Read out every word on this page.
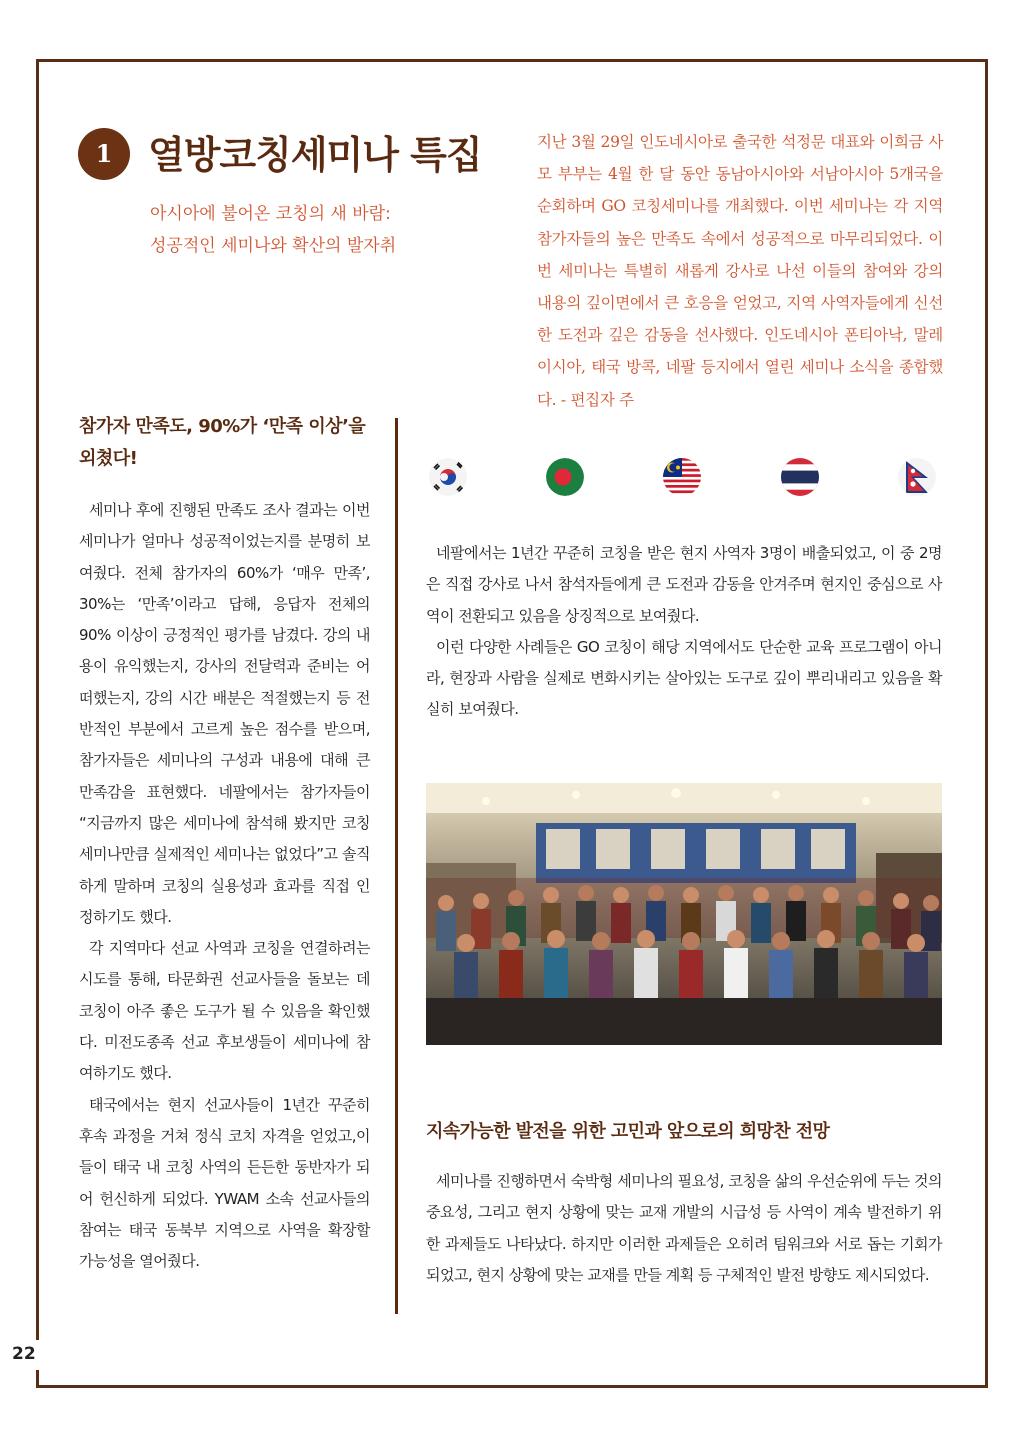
22
1 열방코칭세미나 특집
아시아에 불어온 코칭의 새 바람:
성공적인 세미나와 확산의 발자취
지난 3월 29일 인도네시아로 출국한 석정문 대표와 이희금 사모 부부는 4월 한 달 동안 동남아시아와 서남아시아 5개국을 순회하며 GO 코칭세미나를 개최했다. 이번 세미나는 각 지역 참가자들의 높은 만족도 속에서 성공적으로 마무리되었다. 이번 세미나는 특별히 새롭게 강사로 나선 이들의 참여와 강의 내용의 깊이면에서 큰 호응을 얻었고, 지역 사역자들에게 신선한 도전과 깊은 감동을 선사했다. 인도네시아 폰티아낙, 말레이시아, 태국 방콕, 네팔 등지에서 열린 세미나 소식을 종합했다. - 편집자 주
참가자 만족도, 90%가 ‘만족 이상’을 외쳤다!

세미나 후에 진행된 만족도 조사 결과는 이번 세미나가 얼마나 성공적이었는지를 분명히 보여줬다. 전체 참가자의 60%가 ‘매우 만족’, 30%는 ‘만족’이라고 답해, 응답자 전체의 90% 이상이 긍정적인 평가를 남겼다. 강의 내용이 유익했는지, 강사의 전달력과 준비는 어떠했는지, 강의 시간 배분은 적절했는지 등 전반적인 부분에서 고르게 높은 점수를 받으며, 참가자들은 세미나의 구성과 내용에 대해 큰 만족감을 표현했다. 네팔에서는 참가자들이 “지금까지 많은 세미나에 참석해 봤지만 코칭 세미나만큼 실제적인 세미나는 없었다”고 솔직하게 말하며 코칭의 실용성과 효과를 직접 인정하기도 했다.

각 지역마다 선교 사역과 코칭을 연결하려는 시도를 통해, 타문화권 선교사들을 돌보는 데 코칭이 아주 좋은 도구가 될 수 있음을 확인했다. 미전도종족 선교 후보생들이 세미나에 참여하기도 했다.

태국에서는 현지 선교사들이 1년간 꾸준히 후속 과정을 거쳐 정식 코치 자격을 얻었고,이들이 태국 내 코칭 사역의 든든한 동반자가 되어 헌신하게 되었다. YWAM 소속 선교사들의 참여는 태국 동북부 지역으로 사역을 확장할 가능성을 열어줬다.

네팔에서는 1년간 꾸준히 코칭을 받은 현지 사역자 3명이 배출되었고, 이 중 2명은 직접 강사로 나서 참석자들에게 큰 도전과 감동을 안겨주며 현지인 중심으로 사역이 전환되고 있음을 상징적으로 보여줬다.

이런 다양한 사례들은 GO 코칭이 해당 지역에서도 단순한 교육 프로그램이 아니라, 현장과 사람을 실제로 변화시키는 살아있는 도구로 깊이 뿌리내리고 있음을 확실히 보여줬다.

지속가능한 발전을 위한 고민과 앞으로의 희망찬 전망

세미나를 진행하면서 숙박형 세미나의 필요성, 코칭을 삶의 우선순위에 두는 것의 중요성, 그리고 현지 상황에 맞는 교재 개발의 시급성 등 사역이 계속 발전하기 위한 과제들도 나타났다. 하지만 이러한 과제들은 오히려 팀워크와 서로 돕는 기회가 되었고, 현지 상황에 맞는 교재를 만들 계획 등 구체적인 발전 방향도 제시되었다.
